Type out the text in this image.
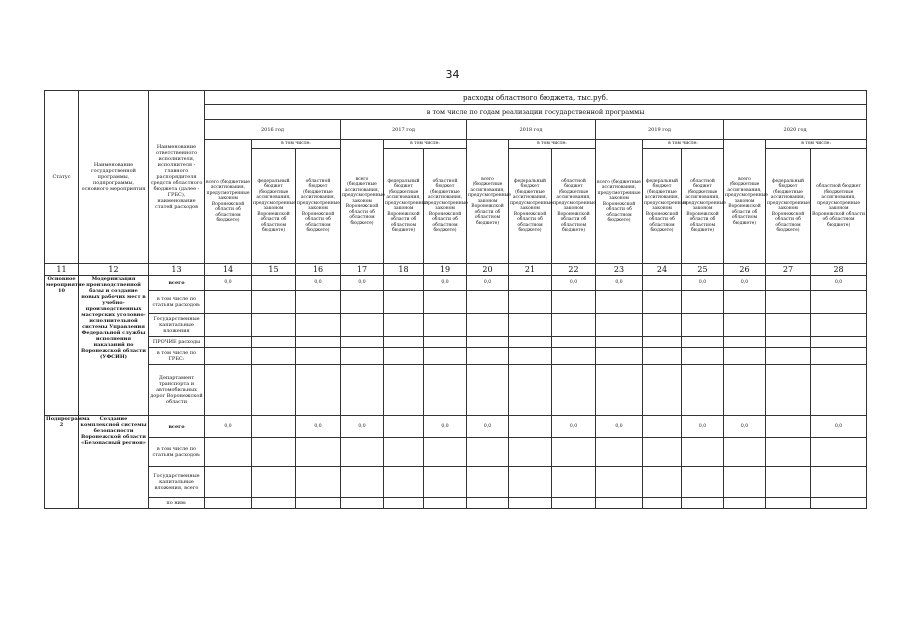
34
Статус	Наименование государственной программы, подпрограммы, основного мероприятия	Наименование ответственного исполнителя, исполнителя - главного распорядителя средств областного бюджета (далее - ГРБС), наименование статей расходов	расходы областного бюджета, тыс.руб.														
			в том числе по годам реализации государственной программы														
			2016 год			2017 год			2018 год			2019 год			2020 год		
			всего (бюджетные ассигнования, предусмотренные законом Воронежской области об областном бюджете)	в том числе:		всего (бюджетные ассигнования, предусмотренные законом Воронежской области об областном бюджете)	в том числе:		всего (бюджетные ассигнования, предусмотренные законом Воронежской области об областном бюджете)	в том числе:		всего (бюджетные ассигнования, предусмотренные законом Воронежской области об областном бюджете)	в том числе:		всего (бюджетные ассигнования, предусмотренные законом Воронежской области об областном бюджете)	в том числе:	
				федеральный бюджет (бюджетные ассигнования, предусмотренные законом Воронежской области об областном бюджете)	областной бюджет (бюджетные ассигнования, предусмотренные законом Воронежской области об областном бюджете)		федеральный бюджет (бюджетные ассигнования, предусмотренные законом Воронежской области об областном бюджете)	областной бюджет (бюджетные ассигнования, предусмотренные законом Воронежской области об областном бюджете)		федеральный бюджет (бюджетные ассигнования, предусмотренные законом Воронежской области об областном бюджете)	областной бюджет (бюджетные ассигнования, предусмотренные законом Воронежской области об областном бюджете)		федеральный бюджет (бюджетные ассигнования, предусмотренные законом Воронежской области об областном бюджете)	областной бюджет (бюджетные ассигнования, предусмотренные законом Воронежской области об областном бюджете)		федеральный бюджет (бюджетные ассигнования, предусмотренные законом Воронежской области об областном бюджете)	областной бюджет (бюджетные ассигнования, предусмотренные законом Воронежской области об областном бюджете)
11	12	13	14	15	16	17	18	19	20	21	22	23	24	25	26	27	28
Основное мероприятие 10	Модернизация производственной базы и создание новых рабочих мест в учебно-производственных мастерских уголовно-исполнительной системы Управления Федеральной службы исполнения наказаний по Воронежской области (УФСИН)	всего	0,0		0,0	0,0		0,0	0,0		0,0	0,0		0,0	0,0		0,0
		в том числе по статьям расходов:															
		Государственные капитальные вложения															
		ПРОЧИЕ расходы															
		в том числе по ГРБС:															
		Департамент транспорта и автомобильных дорог Воронежской области															
Подпрограмма 2	Создание комплексной системы безопасности Воронежской области «Безопасный регион»	всего	0,0		0,0	0,0		0,0	0,0		0,0	0,0		0,0	0,0		0,0
		в том числе по статьям расходов:															
		Государственные капитальные вложения, всего															
		по ним:															
